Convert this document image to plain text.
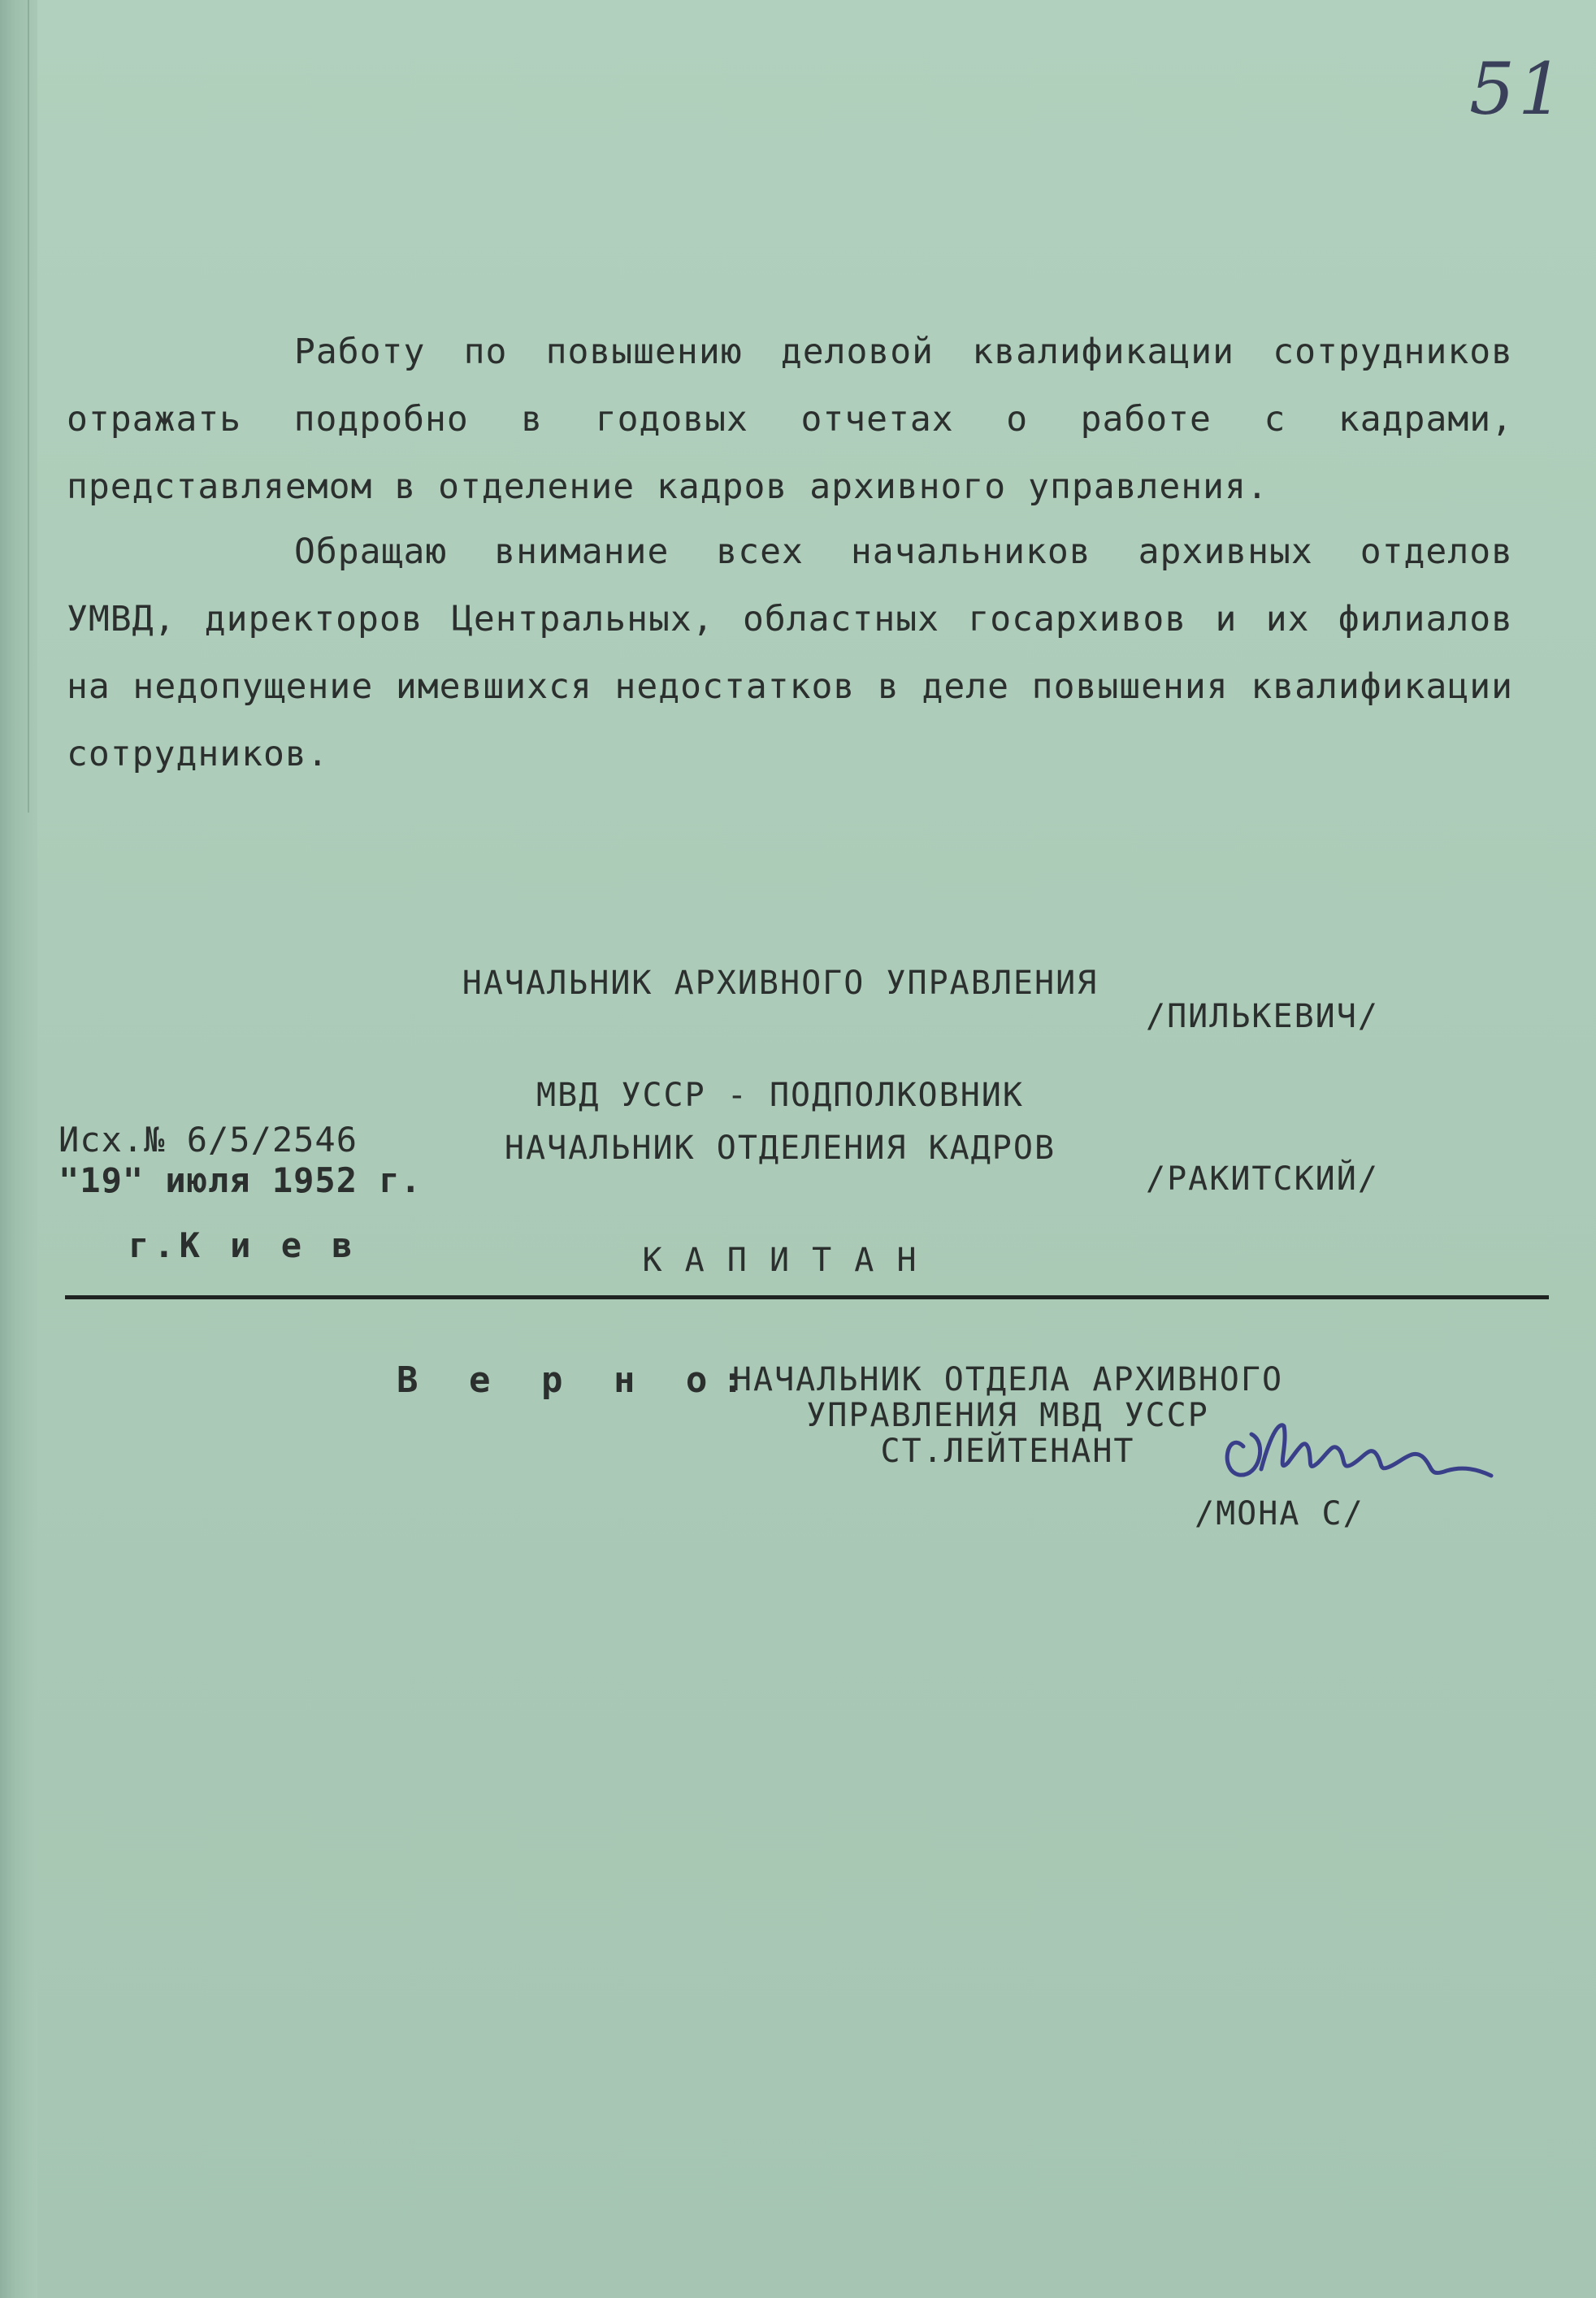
51

Работу по повышению деловой квалификации сотрудников отражать подробно в годовых отчетах о работе с кадрами, представляемом в отделение кадров архивного управления.

Обращаю внимание всех начальников архивных отделов УМВД, директоров Центральных, областных госархивов и их филиалов на недопущение имевшихся недостатков в деле повышения квалификации сотрудников.

НАЧАЛЬНИК АРХИВНОГО УПРАВЛЕНИЯ

МВД УССР - ПОДПОЛКОВНИК

/ПИЛЬКЕВИЧ/

НАЧАЛЬНИК ОТДЕЛЕНИЯ КАДРОВ

К А П И Т А Н

Исх.№ 6/5/2546
"19" июля 1952 г.	/РАКИТСКИЙ/
г.К и е в
В е р н о:
НАЧАЛЬНИК ОТДЕЛА АРХИВНОГО
УПРАВЛЕНИЯ МВД УССР
СТ.ЛЕЙТЕНАНТ
/МОНА С/
